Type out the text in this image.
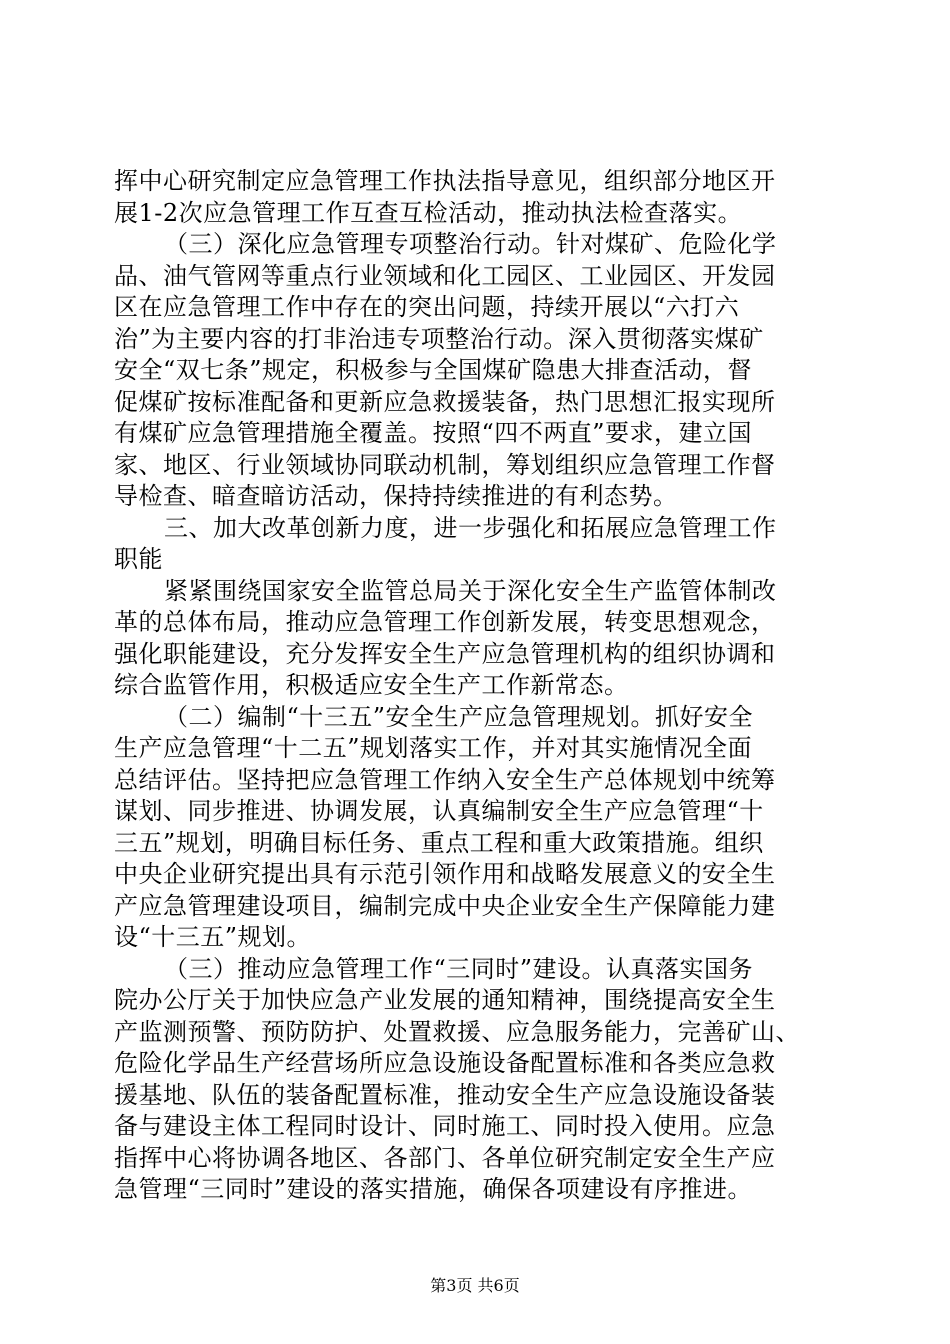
挥中心研究制定应急管理工作执法指导意见，组织部分地区开
展1-2次应急管理工作互查互检活动，推动执法检查落实。
（三）深化应急管理专项整治行动。针对煤矿、危险化学
品、油气管网等重点行业领域和化工园区、工业园区、开发园
区在应急管理工作中存在的突出问题，持续开展以“六打六
治”为主要内容的打非治违专项整治行动。深入贯彻落实煤矿
安全“双七条”规定，积极参与全国煤矿隐患大排查活动，督
促煤矿按标准配备和更新应急救援装备，热门思想汇报实现所
有煤矿应急管理措施全覆盖。按照“四不两直”要求，建立国
家、地区、行业领域协同联动机制，筹划组织应急管理工作督
导检查、暗查暗访活动，保持持续推进的有利态势。
三、加大改革创新力度，进一步强化和拓展应急管理工作
职能
紧紧围绕国家安全监管总局关于深化安全生产监管体制改
革的总体布局，推动应急管理工作创新发展，转变思想观念，
强化职能建设，充分发挥安全生产应急管理机构的组织协调和
综合监管作用，积极适应安全生产工作新常态。
（二）编制“十三五”安全生产应急管理规划。抓好安全
生产应急管理“十二五”规划落实工作，并对其实施情况全面
总结评估。坚持把应急管理工作纳入安全生产总体规划中统筹
谋划、同步推进、协调发展，认真编制安全生产应急管理“十
三五”规划，明确目标任务、重点工程和重大政策措施。组织
中央企业研究提出具有示范引领作用和战略发展意义的安全生
产应急管理建设项目，编制完成中央企业安全生产保障能力建
设“十三五”规划。
（三）推动应急管理工作“三同时”建设。认真落实国务
院办公厅关于加快应急产业发展的通知精神，围绕提高安全生
产监测预警、预防防护、处置救援、应急服务能力，完善矿山、
危险化学品生产经营场所应急设施设备配置标准和各类应急救
援基地、队伍的装备配置标准，推动安全生产应急设施设备装
备与建设主体工程同时设计、同时施工、同时投入使用。应急
指挥中心将协调各地区、各部门、各单位研究制定安全生产应
急管理“三同时”建设的落实措施，确保各项建设有序推进。
第3页 共6页
